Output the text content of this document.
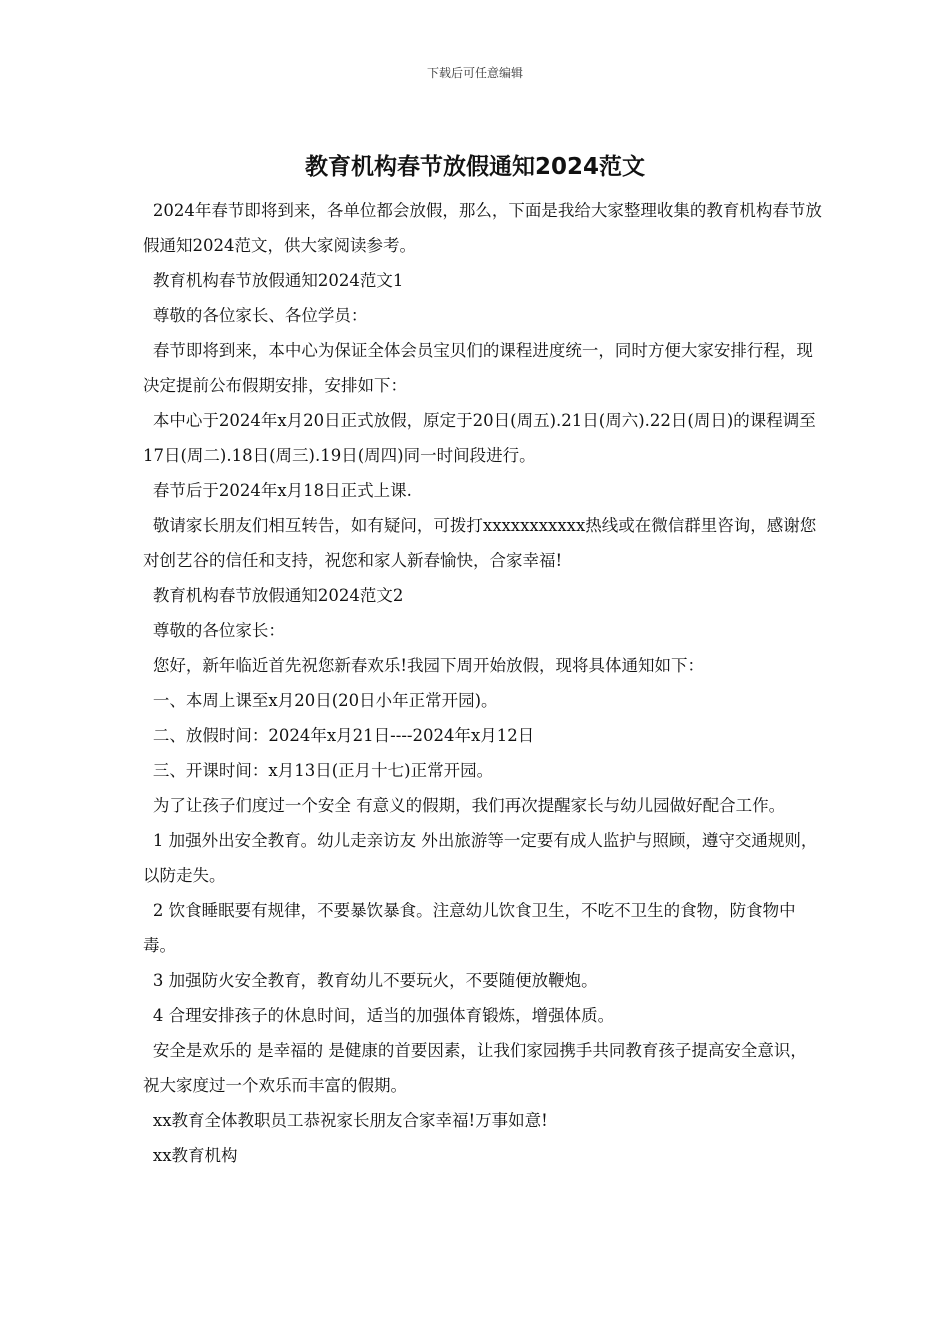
下载后可任意编辑
教育机构春节放假通知2024范文

2024年春节即将到来，各单位都会放假，那么，下面是我给大家整理收集的教育机构春节放假通知2024范文，供大家阅读参考。

教育机构春节放假通知2024范文1

尊敬的各位家长、各位学员：

春节即将到来，本中心为保证全体会员宝贝们的课程进度统一，同时方便大家安排行程，现决定提前公布假期安排，安排如下：

本中心于2024年x月20日正式放假，原定于20日(周五).21日(周六).22日(周日)的课程调至17日(周二).18日(周三).19日(周四)同一时间段进行。

春节后于2024年x月18日正式上课.

敬请家长朋友们相互转告，如有疑问，可拨打xxxxxxxxxxx热线或在微信群里咨询，感谢您对创艺谷的信任和支持，祝您和家人新春愉快，合家幸福!

教育机构春节放假通知2024范文2

尊敬的各位家长：

您好，新年临近首先祝您新春欢乐!我园下周开始放假，现将具体通知如下：

一、本周上课至x月20日(20日小年正常开园)。

二、放假时间：2024年x月21日----2024年x月12日

三、开课时间：x月13日(正月十七)正常开园。

为了让孩子们度过一个安全 有意义的假期，我们再次提醒家长与幼儿园做好配合工作。

1 加强外出安全教育。幼儿走亲访友 外出旅游等一定要有成人监护与照顾，遵守交通规则，以防走失。

2 饮食睡眠要有规律，不要暴饮暴食。注意幼儿饮食卫生，不吃不卫生的食物，防食物中毒。

3 加强防火安全教育，教育幼儿不要玩火，不要随便放鞭炮。

4 合理安排孩子的休息时间，适当的加强体育锻炼，增强体质。

安全是欢乐的 是幸福的 是健康的首要因素，让我们家园携手共同教育孩子提高安全意识，祝大家度过一个欢乐而丰富的假期。

xx教育全体教职员工恭祝家长朋友合家幸福!万事如意!

xx教育机构
